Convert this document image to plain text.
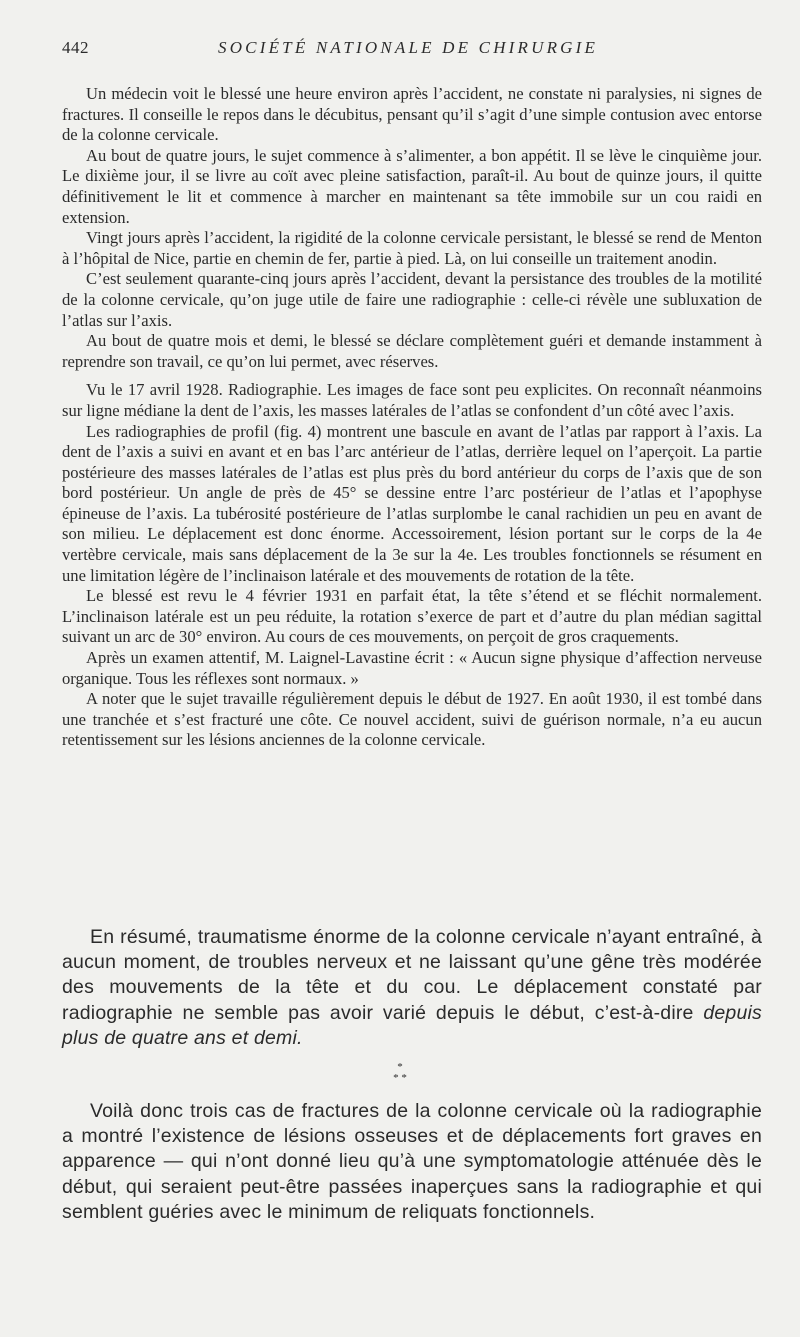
442	SOCIÉTÉ NATIONALE DE CHIRURGIE

Un médecin voit le blessé une heure environ après l’accident, ne constate ni paralysies, ni signes de fractures. Il conseille le repos dans le décubitus, pensant qu’il s’agit d’une simple contusion avec entorse de la colonne cervicale.

Au bout de quatre jours, le sujet commence à s’alimenter, a bon appétit. Il se lève le cinquième jour. Le dixième jour, il se livre au coït avec pleine satisfaction, paraît-il. Au bout de quinze jours, il quitte définitivement le lit et commence à marcher en maintenant sa tête immobile sur un cou raidi en extension.

Vingt jours après l’accident, la rigidité de la colonne cervicale persistant, le blessé se rend de Menton à l’hôpital de Nice, partie en chemin de fer, partie à pied. Là, on lui conseille un traitement anodin.

C’est seulement quarante-cinq jours après l’accident, devant la persistance des troubles de la motilité de la colonne cervicale, qu’on juge utile de faire une radiographie : celle-ci révèle une subluxation de l’atlas sur l’axis.

Au bout de quatre mois et demi, le blessé se déclare complètement guéri et demande instamment à reprendre son travail, ce qu’on lui permet, avec réserves.

Vu le 17 avril 1928. Radiographie. Les images de face sont peu explicites. On reconnaît néanmoins sur ligne médiane la dent de l’axis, les masses latérales de l’atlas se confondent d’un côté avec l’axis.

Les radiographies de profil (fig. 4) montrent une bascule en avant de l’atlas par rapport à l’axis. La dent de l’axis a suivi en avant et en bas l’arc antérieur de l’atlas, derrière lequel on l’aperçoit. La partie postérieure des masses latérales de l’atlas est plus près du bord antérieur du corps de l’axis que de son bord postérieur. Un angle de près de 45° se dessine entre l’arc postérieur de l’atlas et l’apophyse épineuse de l’axis. La tubérosité postérieure de l’atlas surplombe le canal rachidien un peu en avant de son milieu. Le déplacement est donc énorme. Accessoirement, lésion portant sur le corps de la 4e vertèbre cervicale, mais sans déplacement de la 3e sur la 4e. Les troubles fonctionnels se résument en une limitation légère de l’inclinaison latérale et des mouvements de rotation de la tête.

Le blessé est revu le 4 février 1931 en parfait état, la tête s’étend et se fléchit normalement. L’inclinaison latérale est un peu réduite, la rotation s’exerce de part et d’autre du plan médian sagittal suivant un arc de 30° environ. Au cours de ces mouvements, on perçoit de gros craquements.

Après un examen attentif, M. Laignel-Lavastine écrit : « Aucun signe physique d’affection nerveuse organique. Tous les réflexes sont normaux. »

A noter que le sujet travaille régulièrement depuis le début de 1927. En août 1930, il est tombé dans une tranchée et s’est fracturé une côte. Ce nouvel accident, suivi de guérison normale, n’a eu aucun retentissement sur les lésions anciennes de la colonne cervicale.

En résumé, traumatisme énorme de la colonne cervicale n’ayant entraîné, à aucun moment, de troubles nerveux et ne laissant qu’une gêne très modérée des mouvements de la tête et du cou. Le déplacement constaté par radiographie ne semble pas avoir varié depuis le début, c’est-à-dire depuis plus de quatre ans et demi.

*
* *

Voilà donc trois cas de fractures de la colonne cervicale où la radiographie a montré l’existence de lésions osseuses et de déplacements fort graves en apparence — qui n’ont donné lieu qu’à une symptomatologie atténuée dès le début, qui seraient peut-être passées inaperçues sans la radiographie et qui semblent guéries avec le minimum de reliquats fonctionnels.
